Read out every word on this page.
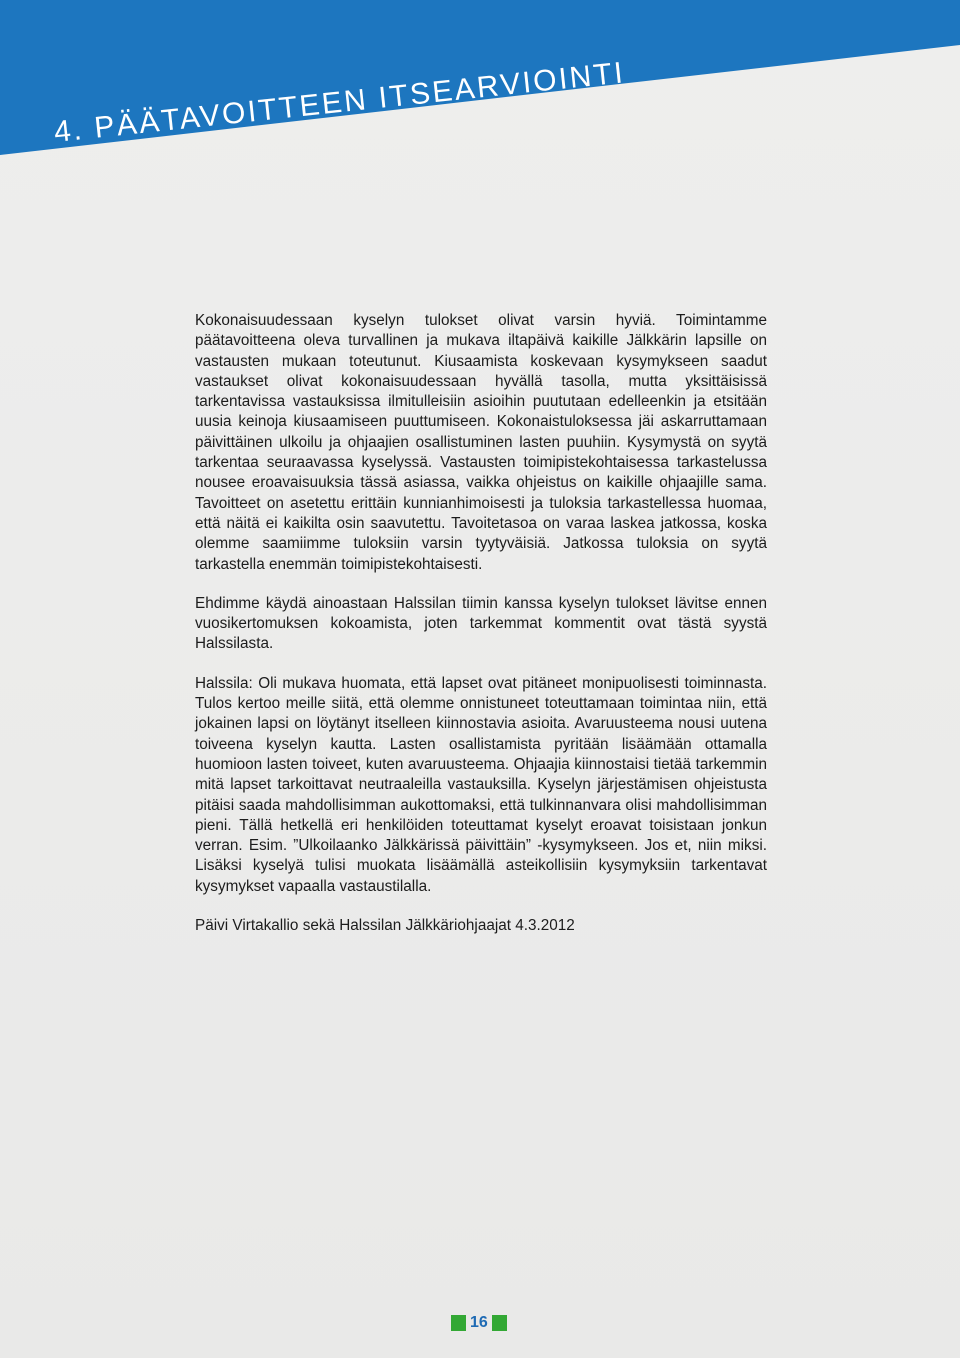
4. PÄÄTAVOITTEEN ITSEARVIOINTI

Kokonaisuudessaan kyselyn tulokset olivat varsin hyviä. Toimintamme päätavoitteena oleva turvallinen ja mukava iltapäivä kaikille Jälkkärin lapsille on vastausten mukaan toteutunut. Kiusaamista koskevaan kysymykseen saadut vastaukset olivat kokonaisuudessaan hyvällä tasolla, mutta yksittäisissä tarkentavissa vastauksissa ilmitulleisiin asioihin puututaan edelleenkin ja etsitään uusia keinoja kiusaamiseen puuttumiseen. Kokonaistuloksessa jäi askarruttamaan päivittäinen ulkoilu ja ohjaajien osallistuminen lasten puuhiin. Kysymystä on syytä tarkentaa seuraavassa kyselyssä. Vastausten toimipistekohtaisessa tarkastelussa nousee eroavaisuuksia tässä asiassa, vaikka ohjeistus on kaikille ohjaajille sama. Tavoitteet on asetettu erittäin kunnianhimoisesti ja tuloksia tarkastellessa huomaa, että näitä ei kaikilta osin saavutettu. Tavoitetasoa on varaa laskea jatkossa, koska olemme saamiimme tuloksiin varsin tyytyväisiä. Jatkossa tuloksia on syytä tarkastella enemmän toimipistekohtaisesti.

Ehdimme käydä ainoastaan Halssilan tiimin kanssa kyselyn tulokset lävitse ennen vuosikertomuksen kokoamista, joten tarkemmat kommentit ovat tästä syystä Halssilasta.

Halssila: Oli mukava huomata, että lapset ovat pitäneet monipuolisesti toiminnasta. Tulos kertoo meille siitä, että olemme onnistuneet toteuttamaan toimintaa niin, että jokainen lapsi on löytänyt itselleen kiinnostavia asioita. Avaruusteema nousi uutena toiveena kyselyn kautta. Lasten osallistamista pyritään lisäämään ottamalla huomioon lasten toiveet, kuten avaruusteema. Ohjaajia kiinnostaisi tietää tarkemmin mitä lapset tarkoittavat neutraaleilla vastauksilla. Kyselyn järjestämisen ohjeistusta pitäisi saada mahdollisimman aukottomaksi, että tulkinnanvara olisi mahdollisimman pieni. Tällä hetkellä eri henkilöiden toteuttamat kyselyt eroavat toisistaan jonkun verran. Esim. ”Ulkoilaanko Jälkkärissä päivittäin” -kysymykseen. Jos et, niin miksi. Lisäksi kyselyä tulisi muokata lisäämällä asteikollisiin kysymyksiin tarkentavat kysymykset vapaalla vastaustilalla.

Päivi Virtakallio sekä Halssilan Jälkkäriohjaajat 4.3.2012

16
